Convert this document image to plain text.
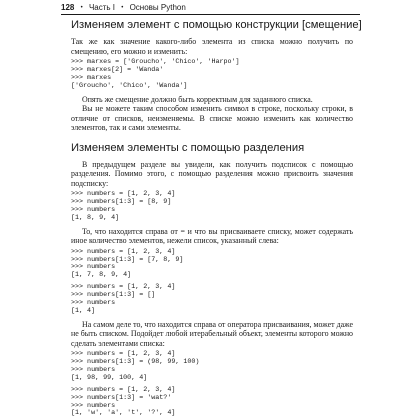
128 • Часть I • Основы Python
Изменяем элемент с помощью конструкции [смещение]

Так же как значение какого-либо элемента из списка можно получить по смещению, его можно и изменить:

>>> marxes = ['Groucho', 'Chico', 'Harpo']
>>> marxes[2] = 'Wanda'
>>> marxes
['Groucho', 'Chico', 'Wanda']

Опять же смещение должно быть корректным для заданного списка.

Вы не можете таким способом изменить символ в строке, поскольку строки, в отличие от списков, неизменяемы. В списке можно изменить как количество элементов, так и сами элементы.

Изменяем элементы с помощью разделения

В предыдущем разделе вы увидели, как получить подсписок с помощью разделения. Помимо этого, с помощью разделения можно присвоить значения подсписку:

>>> numbers = [1, 2, 3, 4]
>>> numbers[1:3] = [8, 9]
>>> numbers
[1, 8, 9, 4]

То, что находится справа от = и что вы присваиваете списку, может содержать иное количество элементов, нежели список, указанный слева:

>>> numbers = [1, 2, 3, 4]
>>> numbers[1:3] = [7, 8, 9]
>>> numbers
[1, 7, 8, 9, 4]
>>> numbers = [1, 2, 3, 4]
>>> numbers[1:3] = []
>>> numbers
[1, 4]

На самом деле то, что находится справа от оператора присваивания, может даже не быть списком. Подойдет любой итерабельный объект, элементы которого можно сделать элементами списка:

>>> numbers = [1, 2, 3, 4]
>>> numbers[1:3] = (98, 99, 100)
>>> numbers
[1, 98, 99, 100, 4]
>>> numbers = [1, 2, 3, 4]
>>> numbers[1:3] = 'wat?'
>>> numbers
[1, 'w', 'a', 't', '?', 4]
